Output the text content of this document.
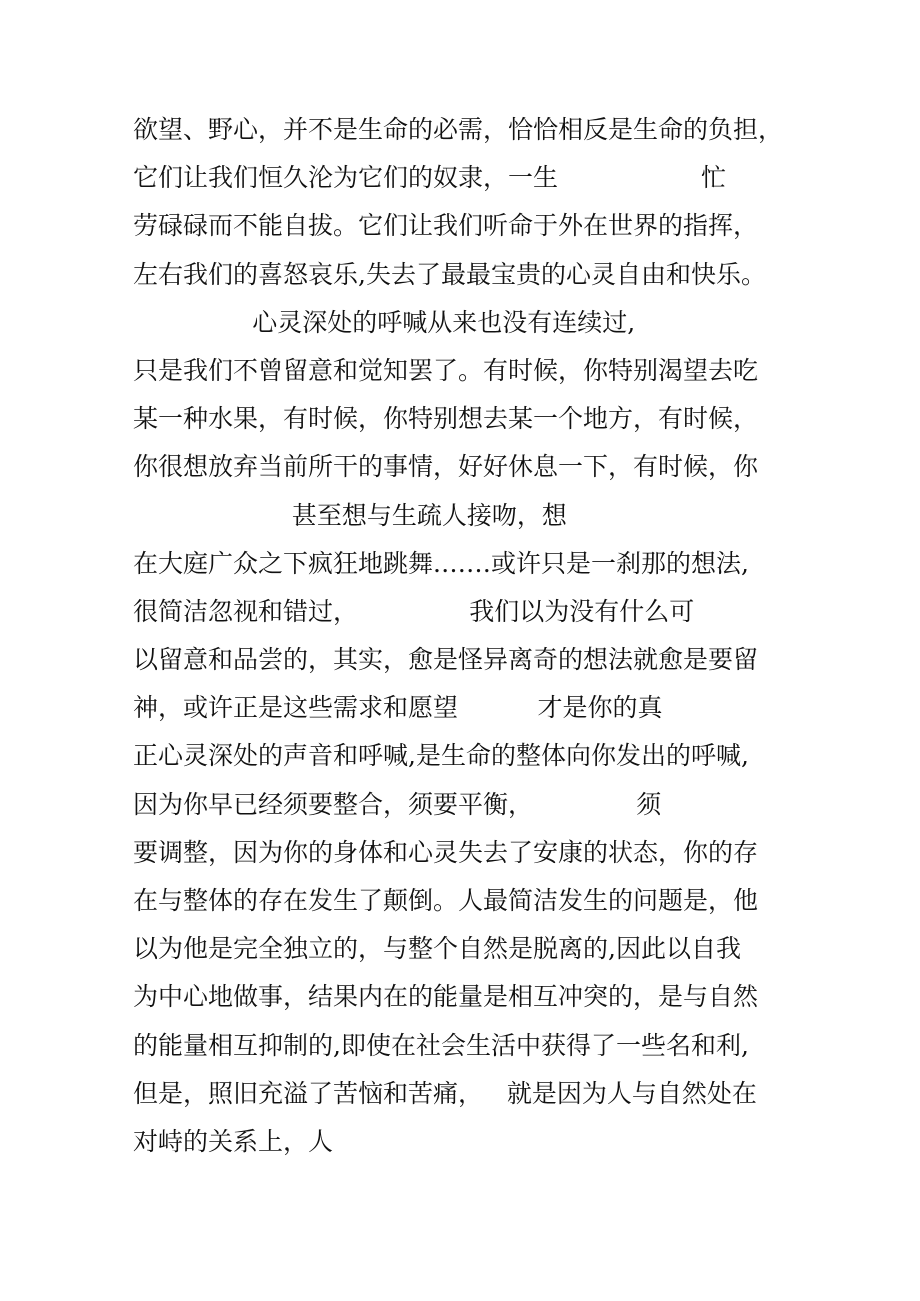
欲望、野心，并不是生命的必需，恰恰相反是生命的负担，
它们让我们恒久沦为它们的奴隶，一生                  忙
劳碌碌而不能自拔。它们让我们听命于外在世界的指挥，
左右我们的喜怒哀乐,失去了最最宝贵的心灵自由和快乐。
心灵深处的呼喊从来也没有连续过,
只是我们不曾留意和觉知罢了。有时候，你特别渴望去吃
某一种水果，有时候，你特别想去某一个地方，有时候，
你很想放弃当前所干的事情，好好休息一下，有时候，你
甚至想与生疏人接吻，想
在大庭广众之下疯狂地跳舞.……或许只是一刹那的想法,
很简洁忽视和错过，              我们以为没有什么可
以留意和品尝的，其实，愈是怪异离奇的想法就愈是要留
神，或许正是这些需求和愿望          才是你的真
正心灵深处的声音和呼喊,是生命的整体向你发出的呼喊,
因为你早已经须要整合，须要平衡，             须
要调整，因为你的身体和心灵失去了安康的状态，你的存
在与整体的存在发生了颠倒。人最简洁发生的问题是，他
以为他是完全独立的，与整个自然是脱离的,因此以自我
为中心地做事，结果内在的能量是相互冲突的，是与自然
的能量相互抑制的,即使在社会生活中获得了一些名和利,
但是，照旧充溢了苦恼和苦痛，   就是因为人与自然处在
对峙的关系上，人
